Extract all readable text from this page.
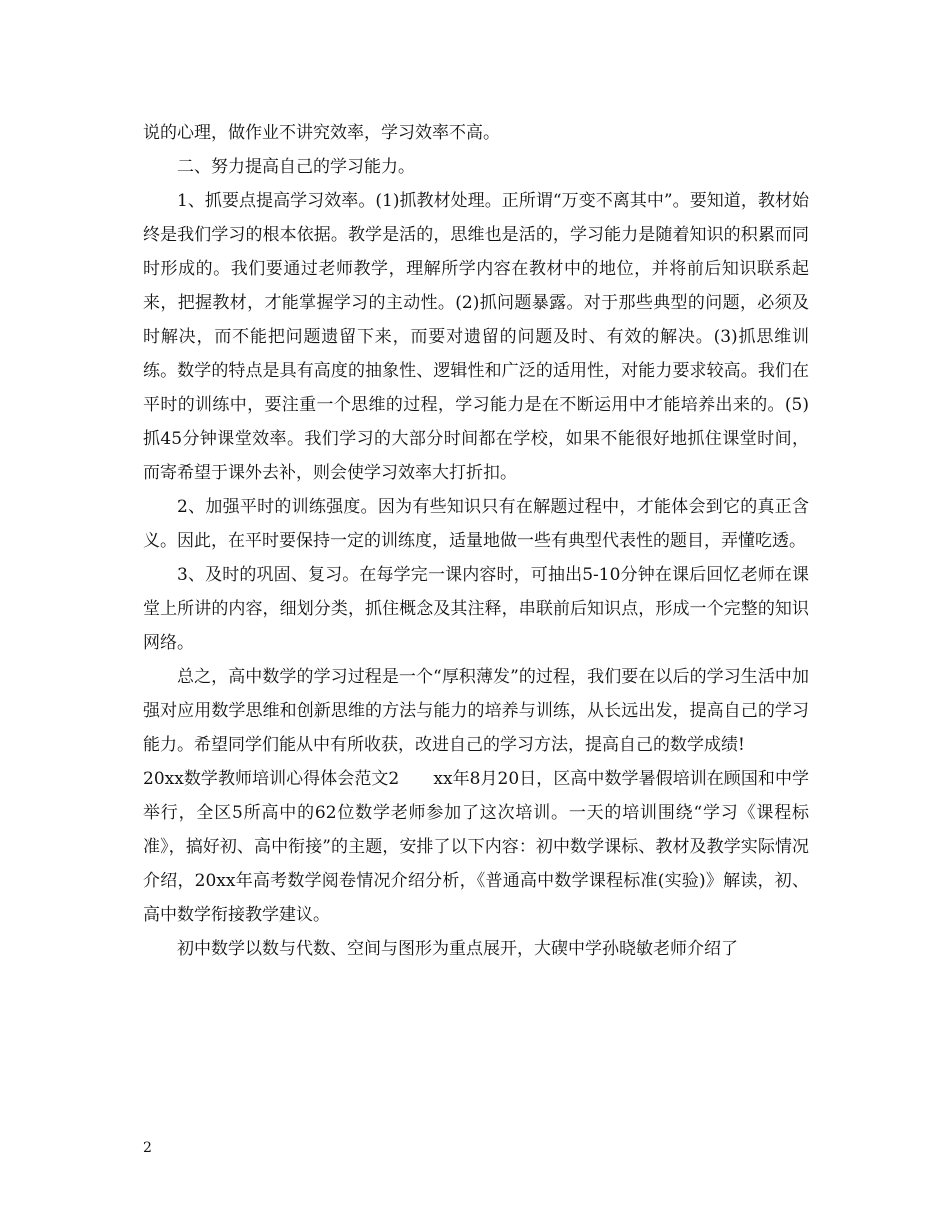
说的心理，做作业不讲究效率，学习效率不高。

二、努力提高自己的学习能力。

1、抓要点提高学习效率。(1)抓教材处理。正所谓“万变不离其中”。要知道，教材始终是我们学习的根本依据。教学是活的，思维也是活的，学习能力是随着知识的积累而同时形成的。我们要通过老师教学，理解所学内容在教材中的地位，并将前后知识联系起来，把握教材，才能掌握学习的主动性。(2)抓问题暴露。对于那些典型的问题，必须及时解决，而不能把问题遗留下来，而要对遗留的问题及时、有效的解决。(3)抓思维训练。数学的特点是具有高度的抽象性、逻辑性和广泛的适用性，对能力要求较高。我们在平时的训练中，要注重一个思维的过程，学习能力是在不断运用中才能培养出来的。(5)抓45分钟课堂效率。我们学习的大部分时间都在学校，如果不能很好地抓住课堂时间，而寄希望于课外去补，则会使学习效率大打折扣。

2、加强平时的训练强度。因为有些知识只有在解题过程中，才能体会到它的真正含义。因此，在平时要保持一定的训练度，适量地做一些有典型代表性的题目，弄懂吃透。

3、及时的巩固、复习。在每学完一课内容时，可抽出5-10分钟在课后回忆老师在课堂上所讲的内容，细划分类，抓住概念及其注释，串联前后知识点，形成一个完整的知识网络。

总之，高中数学的学习过程是一个“厚积薄发”的过程，我们要在以后的学习生活中加强对应用数学思维和创新思维的方法与能力的培养与训练，从长远出发，提高自己的学习能力。希望同学们能从中有所收获，改进自己的学习方法，提高自己的数学成绩!

20xx数学教师培训心得体会范文2　　xx年8月20日，区高中数学暑假培训在顾国和中学举行，全区5所高中的62位数学老师参加了这次培训。一天的培训围绕“学习《课程标准》，搞好初、高中衔接”的主题，安排了以下内容：初中数学课标、教材及教学实际情况介绍，20xx年高考数学阅卷情况介绍分析，《普通高中数学课程标准(实验)》解读，初、高中数学衔接教学建议。

初中数学以数与代数、空间与图形为重点展开，大碶中学孙晓敏老师介绍了

2
